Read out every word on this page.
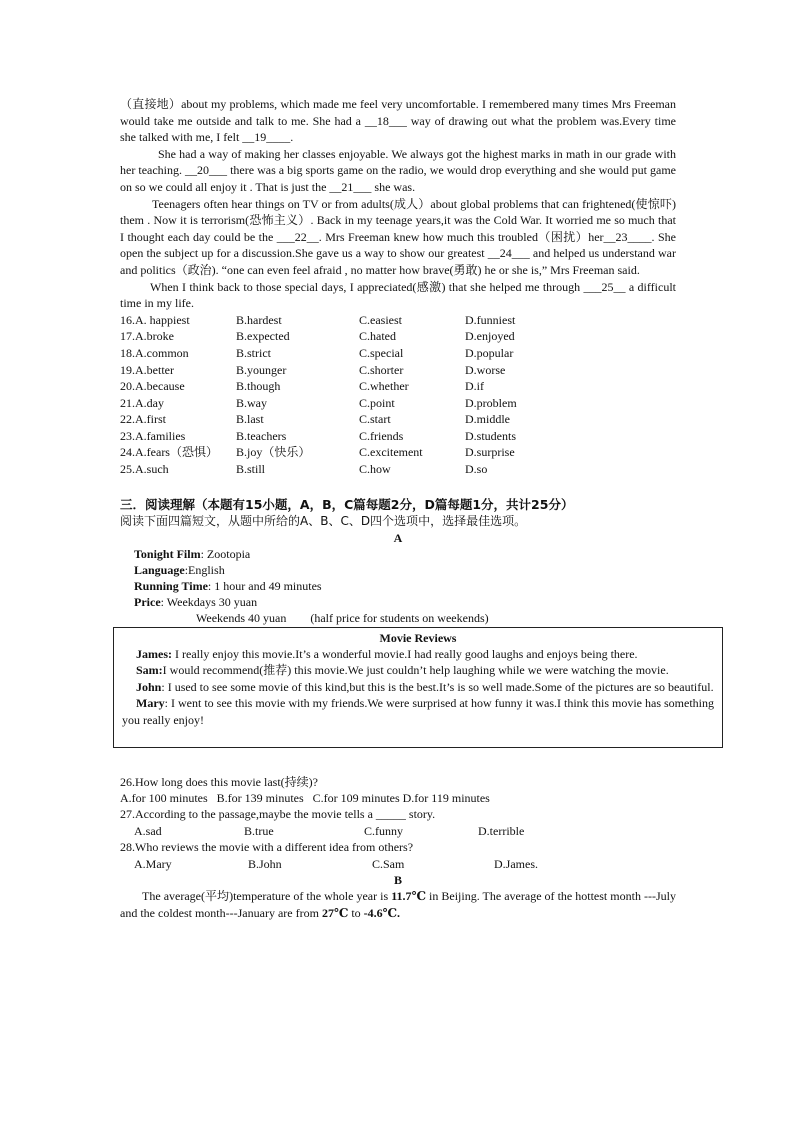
（直接地）about my problems, which made me feel very uncomfortable. I remembered many times Mrs Freeman would take me outside and talk to me. She had a __18___ way of drawing out what the problem was.Every time she talked with me, I felt __19____.

She had a way of making her classes enjoyable. We always got the highest marks in math in our grade with her teaching. __20___ there was a big sports game on the radio, we would drop everything and she would put game on so we could all enjoy it . That is just the __21___ she was.

Teenagers often hear things on TV or from adults(成人）about global problems that can frightened(使惊吓) them . Now it is terrorism(恐怖主义）. Back in my teenage years,it was the Cold War. It worried me so much that I thought each day could be the ___22__. Mrs Freeman knew how much this troubled（困扰）her__23____. She open the subject up for a discussion.She gave us a way to show our greatest __24___ and helped us understand war and politics（政治). “one can even feel afraid , no matter how brave(勇敢) he or she is,” Mrs Freeman said.

When I think back to those special days, I appreciated(感激) that she helped me through ___25__ a difficult time in my life.

16.A. happiest	B.hardest	C.easiest	D.funniest
17.A.broke	B.expected	C.hated	D.enjoyed
18.A.common	B.strict	C.special	D.popular
19.A.better	B.younger	C.shorter	D.worse
20.A.because	B.though	C.whether	D.if
21.A.day	B.way	C.point	D.problem
22.A.first	B.last	C.start	D.middle
23.A.families	B.teachers	C.friends	D.students
24.A.fears（恐惧）	B.joy（快乐）	C.excitement	D.surprise
25.A.such	B.still	C.how	D.so
三．阅读理解（本题有15小题，A，B，C篇每题2分，D篇每题1分，共计25分）
阅读下面四篇短文，从题中所给的A、B、C、D四个选项中，选择最佳选项。
A
Tonight Film: Zootopia
Language:English
Running Time: 1 hour and 49 minutes
Price: Weekdays 30 yuan
Weekends 40 yuan        (half price for students on weekends)
Movie Reviews

James: I really enjoy this movie.It’s a wonderful movie.I had really good laughs and enjoys being there.

Sam:I would recommend(推荐) this movie.We just couldn’t help laughing while we were watching the movie.

John: I used to see some movie of this kind,but this is the best.It’s is so well made.Some of the pictures are so beautiful.

Mary: I went to see this movie with my friends.We were surprised at how funny it was.I think this movie has something you really enjoy!

26.How long does this movie last(持续)?

A.for 100 minutes   B.for 139 minutes   C.for 109 minutes D.for 119 minutes

27.According to the passage,maybe the movie tells a _____ story.

A.sad	B.true	C.funny	D.terrible

28.Who reviews the movie with a different idea from others?

A.Mary	B.John	C.Sam	D.James.
B

The average(平均)temperature of the whole year is 11.7℃ in Beijing. The average of the hottest month ---July and the coldest month---January are from 27℃ to -4.6℃.
